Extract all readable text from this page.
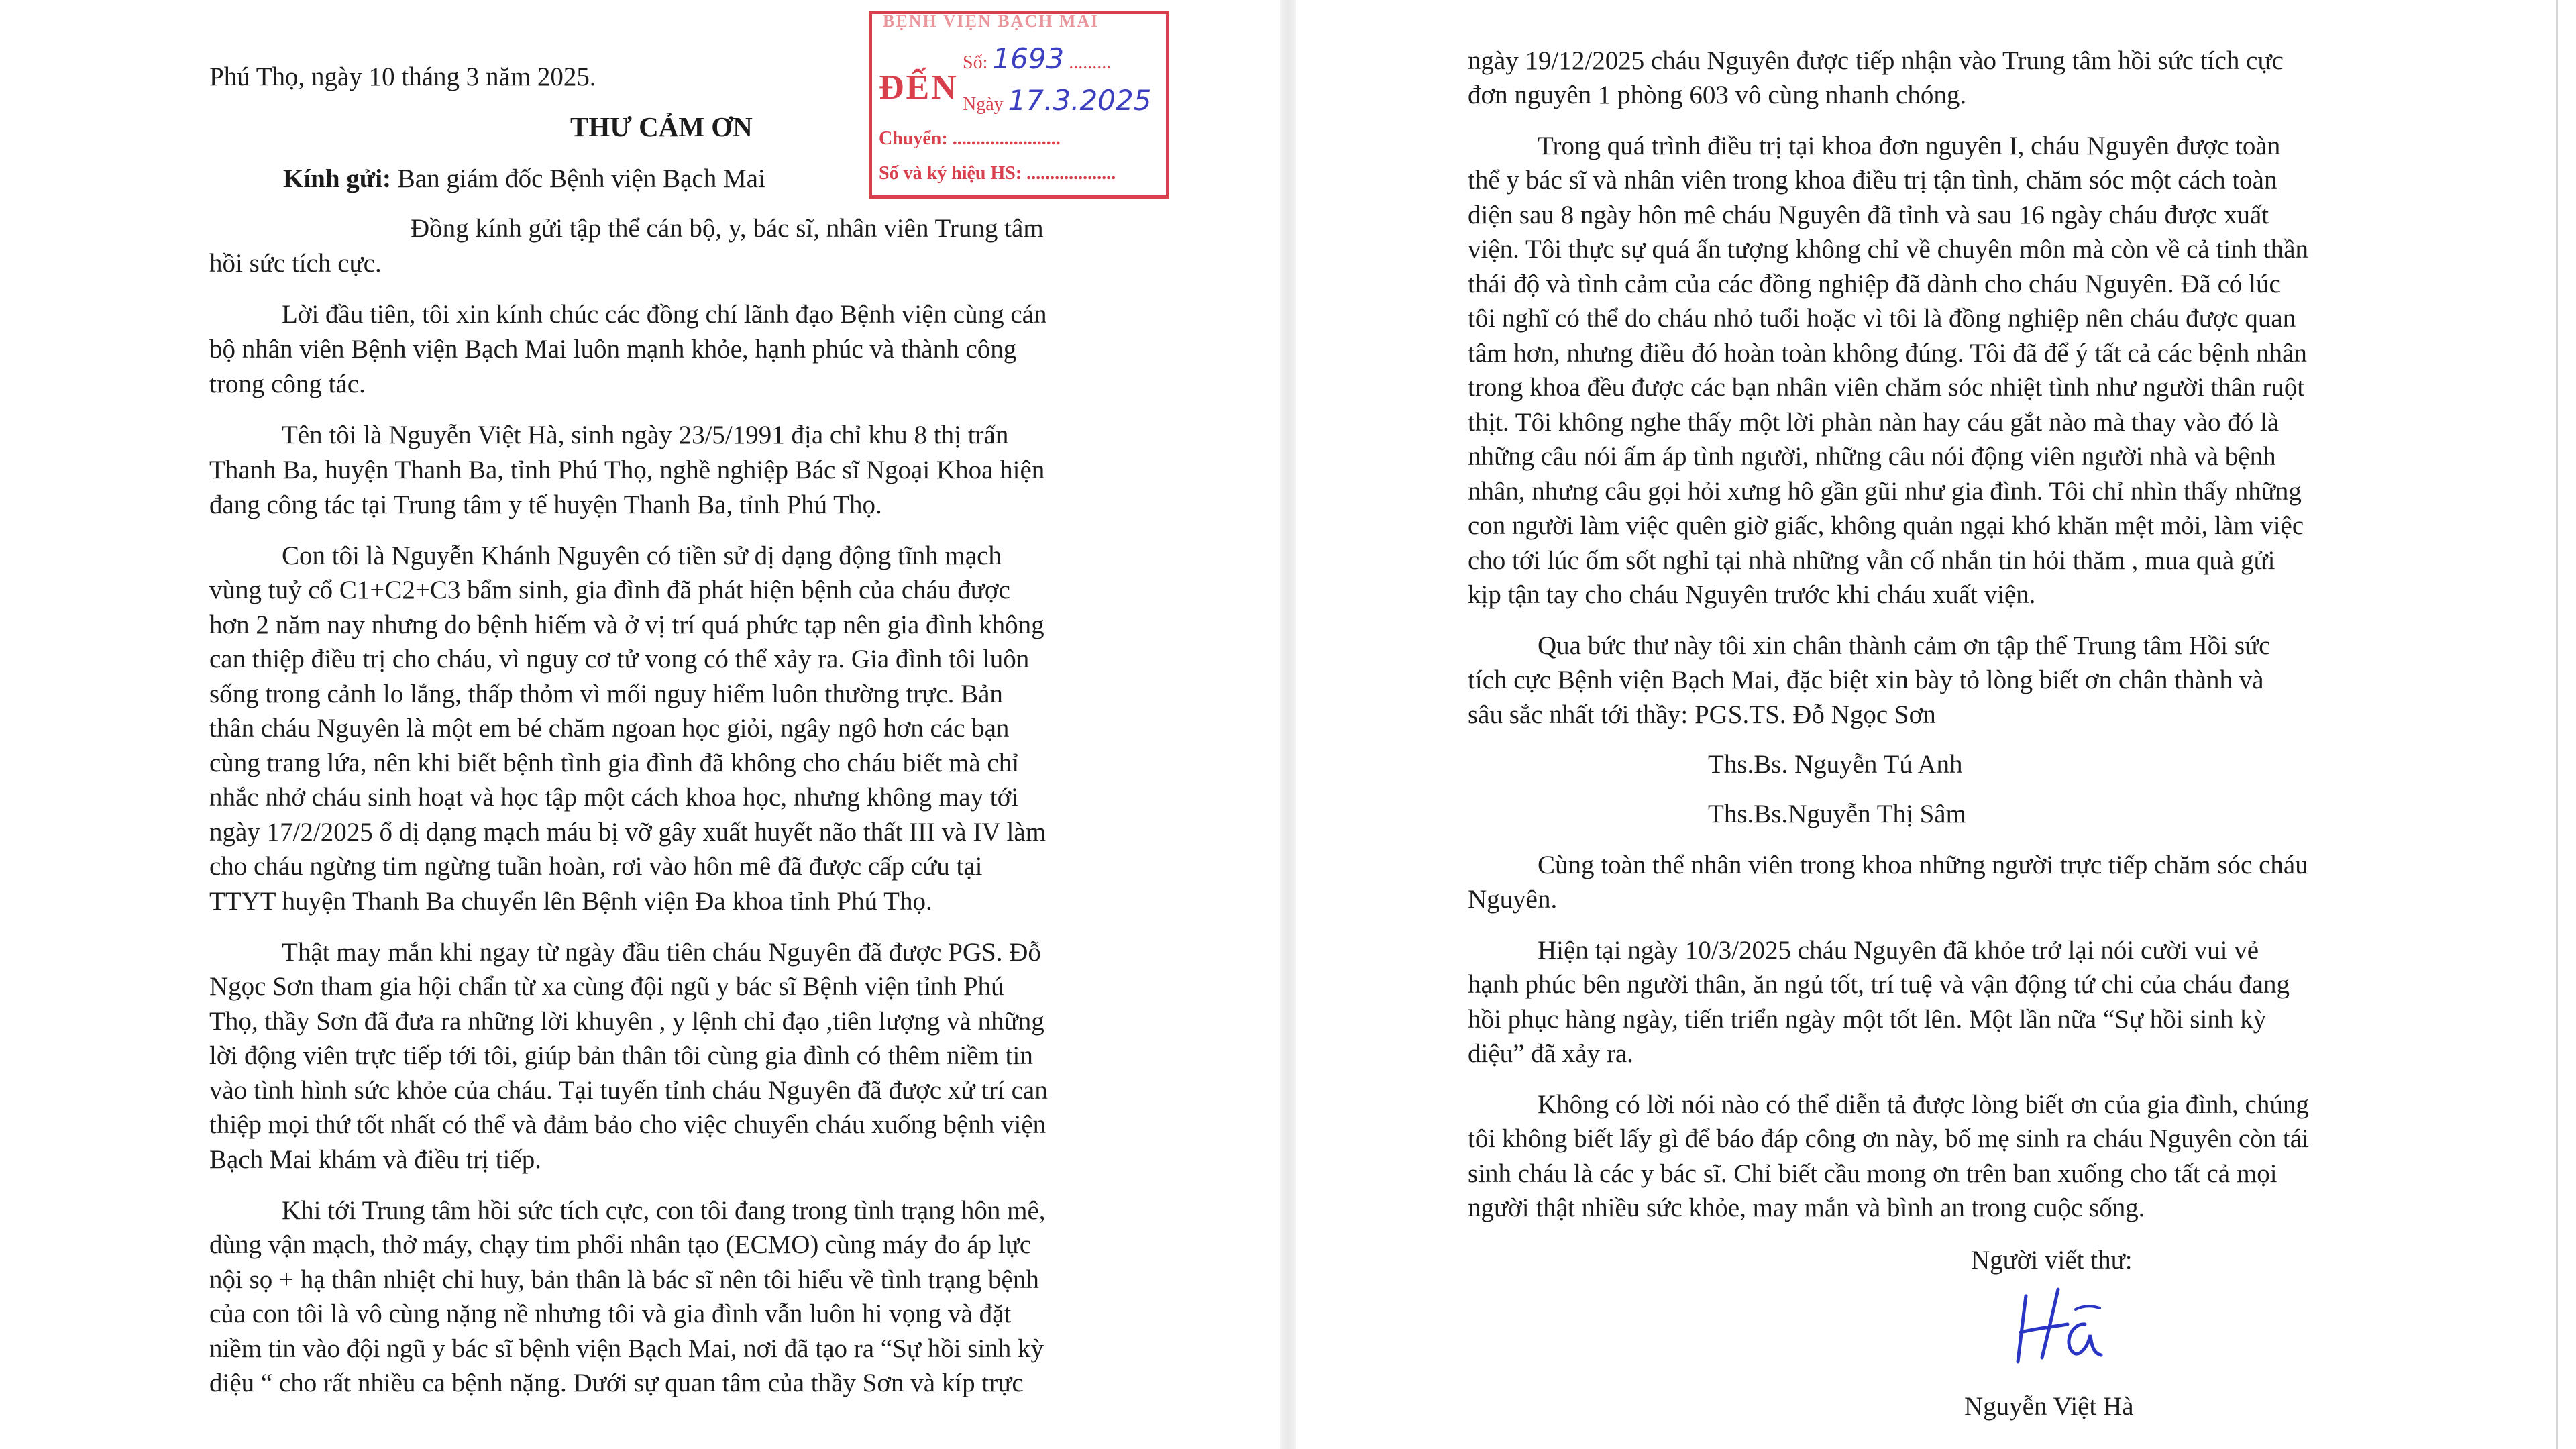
Phú Thọ, ngày 10 tháng 3 năm 2025.
THƯ CẢM ƠN
Kính gửi: Ban giám đốc Bệnh viện Bạch Mai
Đồng kính gửi tập thể cán bộ, y, bác sĩ, nhân viên Trung tâm
hồi sức tích cực.
Lời đầu tiên, tôi xin kính chúc các đồng chí lãnh đạo Bệnh viện cùng cán
bộ nhân viên Bệnh viện Bạch Mai luôn mạnh khỏe, hạnh phúc và thành công
trong công tác.
Tên tôi là Nguyễn Việt Hà, sinh ngày 23/5/1991 địa chỉ khu 8 thị trấn
Thanh Ba, huyện Thanh Ba, tỉnh Phú Thọ, nghề nghiệp Bác sĩ Ngoại Khoa hiện
đang công tác tại Trung tâm y tế huyện Thanh Ba, tỉnh Phú Thọ.
Con tôi là Nguyễn Khánh Nguyên có tiền sử dị dạng động tĩnh mạch
vùng tuỷ cổ C1+C2+C3 bẩm sinh, gia đình đã phát hiện bệnh của cháu được
hơn 2 năm nay nhưng do bệnh hiếm và ở vị trí quá phức tạp nên gia đình không
can thiệp điều trị cho cháu, vì nguy cơ tử vong có thể xảy ra. Gia đình tôi luôn
sống trong cảnh lo lắng, thấp thỏm vì mối nguy hiểm luôn thường trực. Bản
thân cháu Nguyên là một em bé chăm ngoan học giỏi, ngây ngô hơn các bạn
cùng trang lứa, nên khi biết bệnh tình gia đình đã không cho cháu biết mà chỉ
nhắc nhở cháu sinh hoạt và học tập một cách khoa học, nhưng không may tới
ngày 17/2/2025 ổ dị dạng mạch máu bị vỡ gây xuất huyết não thất III và IV làm
cho cháu ngừng tim ngừng tuần hoàn, rơi vào hôn mê đã được cấp cứu tại
TTYT huyện Thanh Ba chuyển lên Bệnh viện Đa khoa tỉnh Phú Thọ.
Thật may mắn khi ngay từ ngày đầu tiên cháu Nguyên đã được PGS. Đỗ
Ngọc Sơn tham gia hội chẩn từ xa cùng đội ngũ y bác sĩ Bệnh viện tỉnh Phú
Thọ, thầy Sơn đã đưa ra những lời khuyên , y lệnh chỉ đạo ,tiên lượng và những
lời động viên trực tiếp tới tôi, giúp bản thân tôi cùng gia đình có thêm niềm tin
vào tình hình sức khỏe của cháu. Tại tuyến tỉnh cháu Nguyên đã được xử trí can
thiệp mọi thứ tốt nhất có thể và đảm bảo cho việc chuyển cháu xuống bệnh viện
Bạch Mai khám và điều trị tiếp.
Khi tới Trung tâm hồi sức tích cực, con tôi đang trong tình trạng hôn mê,
dùng vận mạch, thở máy, chạy tim phổi nhân tạo (ECMO) cùng máy đo áp lực
nội sọ + hạ thân nhiệt chỉ huy, bản thân là bác sĩ nên tôi hiểu về tình trạng bệnh
của con tôi là vô cùng nặng nề nhưng tôi và gia đình vẫn luôn hi vọng và đặt
niềm tin vào đội ngũ y bác sĩ bệnh viện Bạch Mai, nơi đã tạo ra “Sự hồi sinh kỳ
diệu “ cho rất nhiều ca bệnh nặng. Dưới sự quan tâm của thầy Sơn và kíp trực
BỆNH VIỆN BẠCH MAI
ĐẾN
Số: 1693 .........
Ngày 17.3.2025
Chuyển: .......................
Số và ký hiệu HS: ...................
ngày 19/12/2025 cháu Nguyên được tiếp nhận vào Trung tâm hồi sức tích cực
đơn nguyên 1 phòng 603 vô cùng nhanh chóng.
Trong quá trình điều trị tại khoa đơn nguyên I, cháu Nguyên được toàn
thể y bác sĩ và nhân viên trong khoa điều trị tận tình, chăm sóc một cách toàn
diện sau 8 ngày hôn mê cháu Nguyên đã tỉnh và sau 16 ngày cháu được xuất
viện. Tôi thực sự quá ấn tượng không chỉ về chuyên môn mà còn về cả tinh thần
thái độ và tình cảm của các đồng nghiệp đã dành cho cháu Nguyên. Đã có lúc
tôi nghĩ có thể do cháu nhỏ tuổi hoặc vì tôi là đồng nghiệp nên cháu được quan
tâm hơn, nhưng điều đó hoàn toàn không đúng. Tôi đã để ý tất cả các bệnh nhân
trong khoa đều được các bạn nhân viên chăm sóc nhiệt tình như người thân ruột
thịt. Tôi không nghe thấy một lời phàn nàn hay cáu gắt nào mà thay vào đó là
những câu nói ấm áp tình người, những câu nói động viên người nhà và bệnh
nhân, nhưng câu gọi hỏi xưng hô gần gũi như gia đình. Tôi chỉ nhìn thấy những
con người làm việc quên giờ giấc, không quản ngại khó khăn mệt mỏi, làm việc
cho tới lúc ốm sốt nghỉ tại nhà những vẫn cố nhắn tin hỏi thăm , mua quà gửi
kịp tận tay cho cháu Nguyên trước khi cháu xuất viện.
Qua bức thư này tôi xin chân thành cảm ơn tập thể Trung tâm Hồi sức
tích cực Bệnh viện Bạch Mai, đặc biệt xin bày tỏ lòng biết ơn chân thành và
sâu sắc nhất tới thầy: PGS.TS. Đỗ Ngọc Sơn
Ths.Bs. Nguyễn Tú Anh
Ths.Bs.Nguyễn Thị Sâm
Cùng toàn thể nhân viên trong khoa những người trực tiếp chăm sóc cháu
Nguyên.
Hiện tại ngày 10/3/2025 cháu Nguyên đã khỏe trở lại nói cười vui vẻ
hạnh phúc bên người thân, ăn ngủ tốt, trí tuệ và vận động tứ chi của cháu đang
hồi phục hàng ngày, tiến triển ngày một tốt lên. Một lần nữa “Sự hồi sinh kỳ
diệu” đã xảy ra.
Không có lời nói nào có thể diễn tả được lòng biết ơn của gia đình, chúng
tôi không biết lấy gì để báo đáp công ơn này, bố mẹ sinh ra cháu Nguyên còn tái
sinh cháu là các y bác sĩ. Chỉ biết cầu mong ơn trên ban xuống cho tất cả mọi
người thật nhiều sức khỏe, may mắn và bình an trong cuộc sống.
Người viết thư:
Nguyễn Việt Hà
